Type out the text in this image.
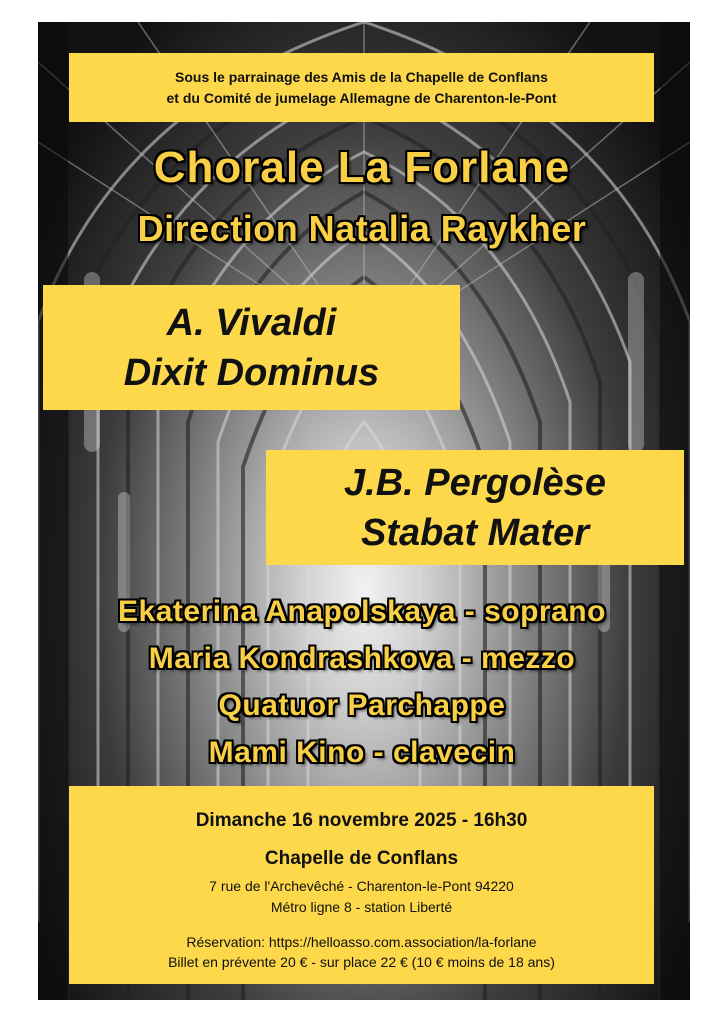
Sous le parrainage des Amis de la Chapelle de Conflans
et du Comité de jumelage Allemagne de Charenton-le-Pont
Chorale La Forlane
Direction Natalia Raykher
A. Vivaldi
Dixit Dominus
J.B. Pergolèse
Stabat Mater
Ekaterina Anapolskaya - soprano
Maria Kondrashkova - mezzo
Quatuor Parchappe
Mami Kino - clavecin
Dimanche 16 novembre 2025 - 16h30
Chapelle de Conflans
7 rue de l'Archevêché - Charenton-le-Pont 94220
Métro ligne 8 - station Liberté
Réservation: https://helloasso.com.association/la-forlane
Billet en prévente 20 € - sur place 22 € (10 € moins de 18 ans)
